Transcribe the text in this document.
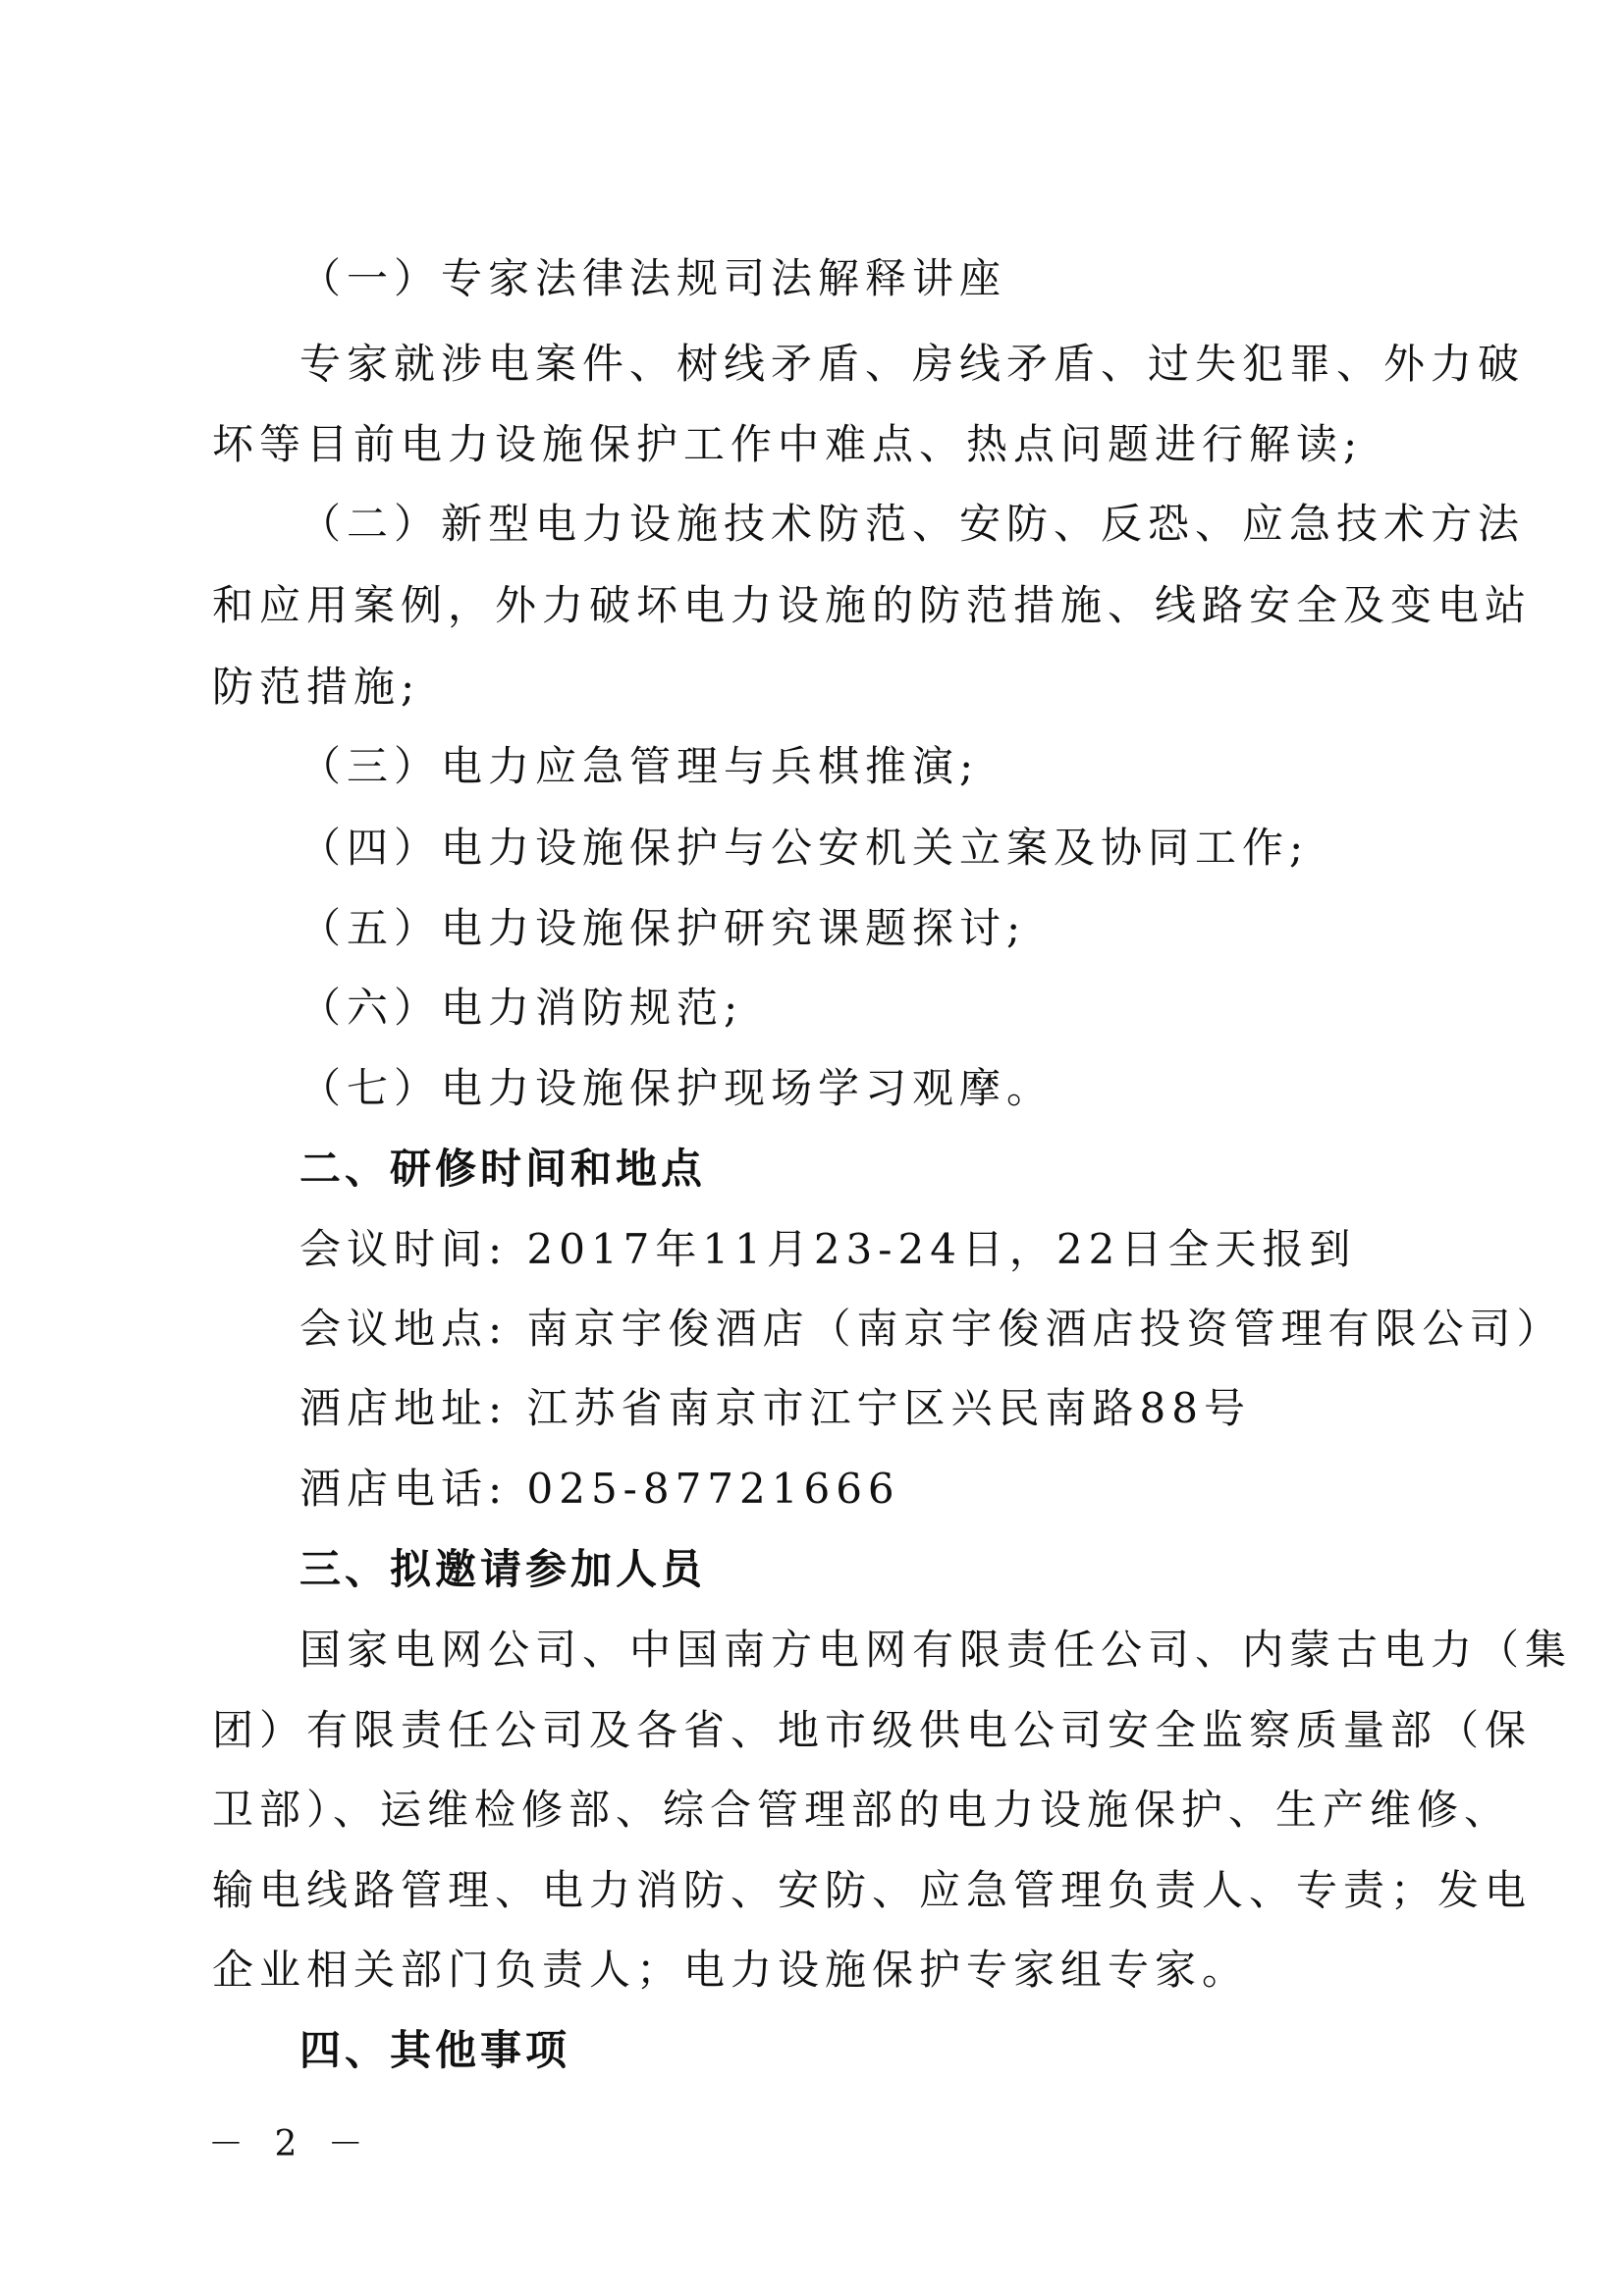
（一）专家法律法规司法解释讲座
专家就涉电案件、树线矛盾、房线矛盾、过失犯罪、外力破
坏等目前电力设施保护工作中难点、热点问题进行解读;
（二）新型电力设施技术防范、安防、反恐、应急技术方法
和应用案例，外力破坏电力设施的防范措施、线路安全及变电站
防范措施;
（三）电力应急管理与兵棋推演;
（四）电力设施保护与公安机关立案及协同工作;
（五）电力设施保护研究课题探讨;
（六）电力消防规范;
（七）电力设施保护现场学习观摩。
二、研修时间和地点
会议时间: 2017年11月23-24日，22日全天报到
会议地点: 南京宇俊酒店（南京宇俊酒店投资管理有限公司）
酒店地址: 江苏省南京市江宁区兴民南路88号
酒店电话: 025-87721666
三、拟邀请参加人员
国家电网公司、中国南方电网有限责任公司、内蒙古电力（集
团）有限责任公司及各省、地市级供电公司安全监察质量部（保
卫部）、运维检修部、综合管理部的电力设施保护、生产维修、
输电线路管理、电力消防、安防、应急管理负责人、专责；发电
企业相关部门负责人；电力设施保护专家组专家。
四、其他事项
－ 2 －
